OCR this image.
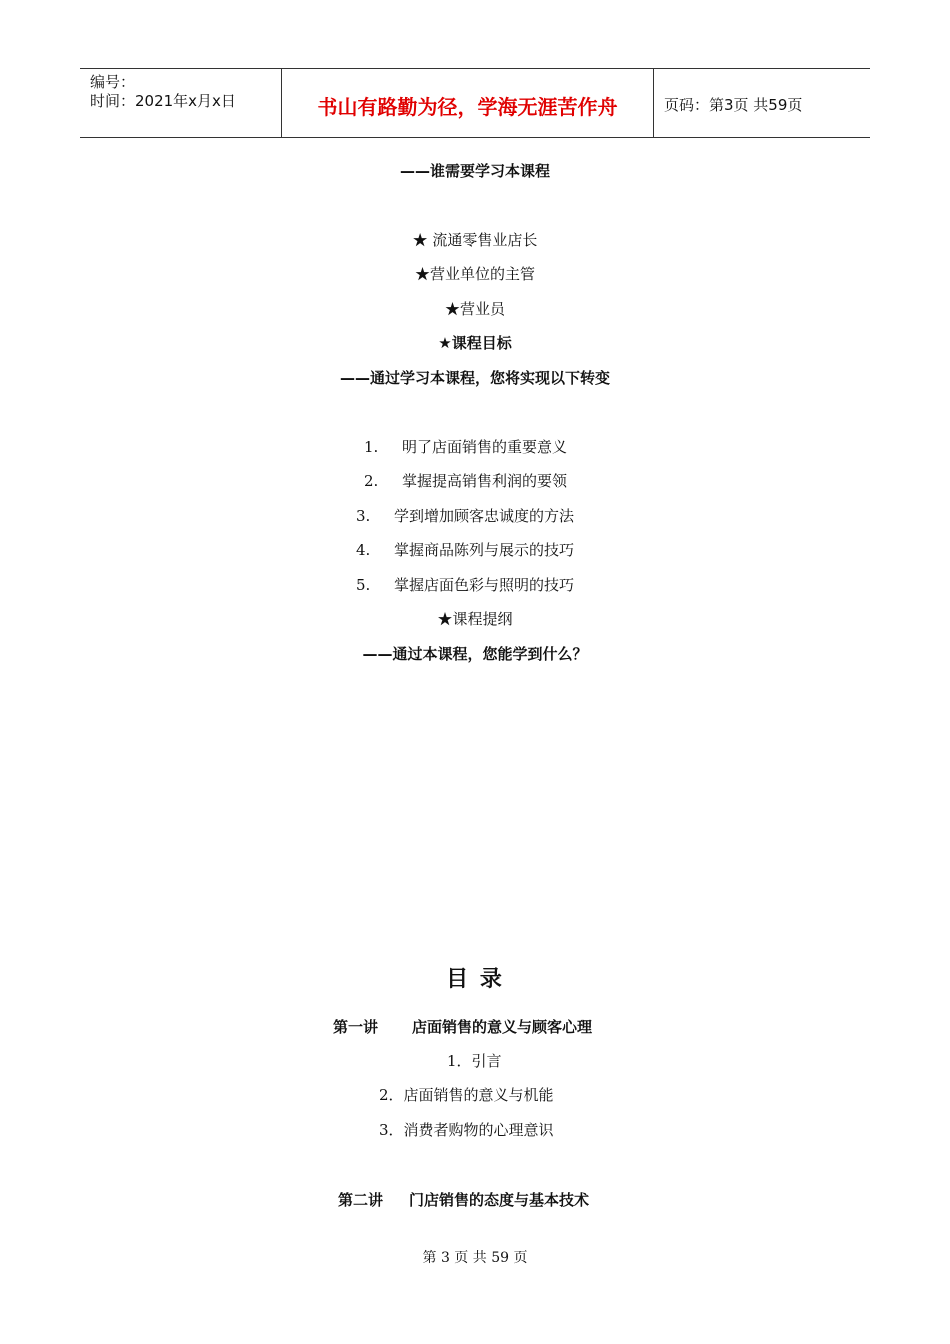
编号：
时间：2021年x月x日	书山有路勤为径，学海无涯苦作舟	页码：第3页 共59页
——谁需要学习本课程
★ 流通零售业店长
★营业单位的主管
★营业员
★课程目标
——通过学习本课程，您将实现以下转变
1. 明了店面销售的重要意义
2. 掌握提高销售利润的要领
3. 学到增加顾客忠诚度的方法
4. 掌握商品陈列与展示的技巧
5. 掌握店面色彩与照明的技巧
★课程提纲
——通过本课程，您能学到什么？
目 录
第一讲 店面销售的意义与顾客心理
1．引言
2．店面销售的意义与机能
3．消费者购物的心理意识
第二讲 门店销售的态度与基本技术
第 3 页 共 59 页
